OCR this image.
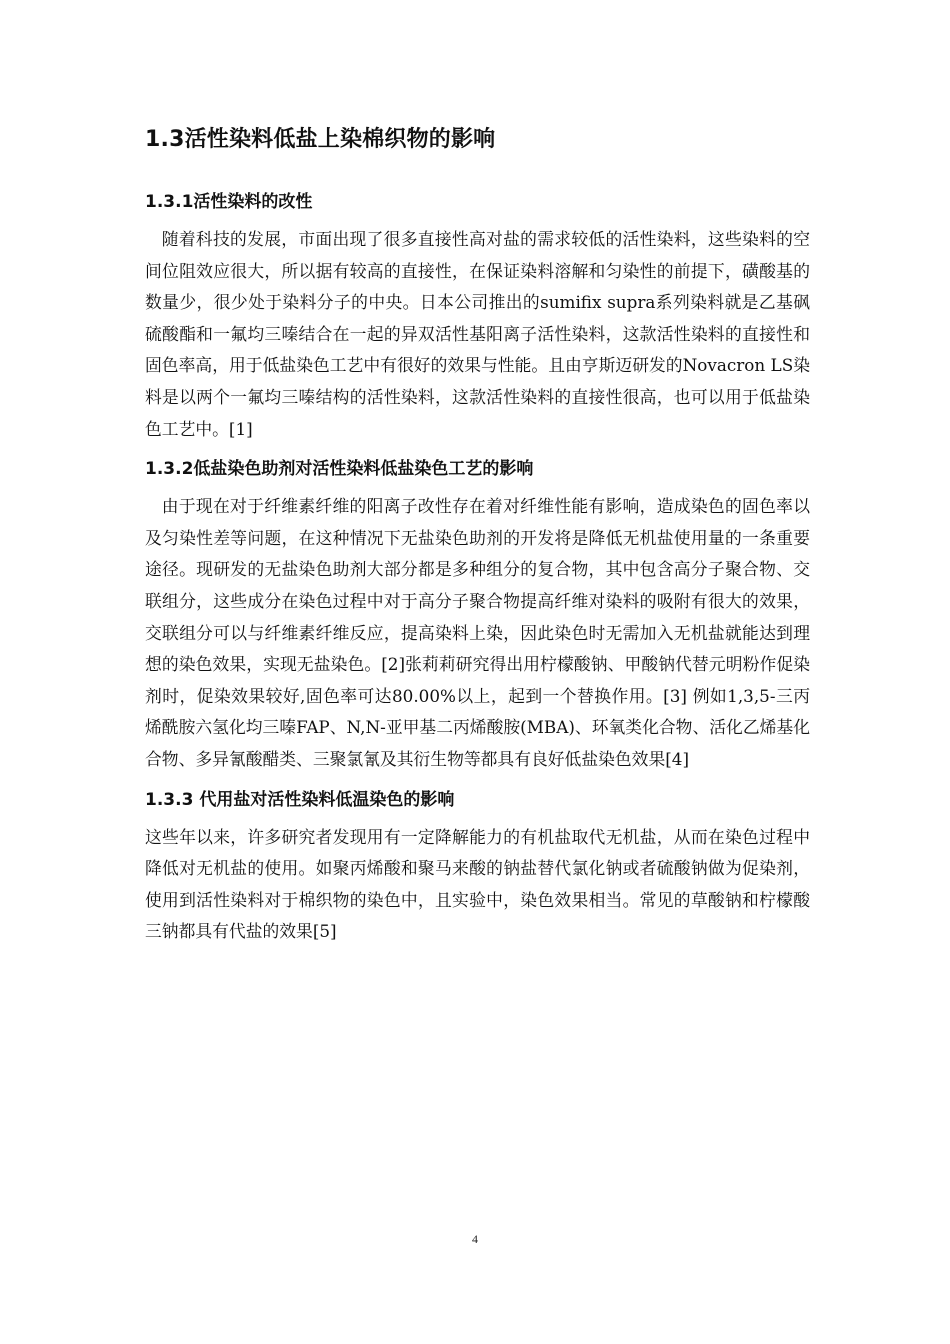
1.3活性染料低盐上染棉织物的影响
1.3.1活性染料的改性

随着科技的发展，市面出现了很多直接性高对盐的需求较低的活性染料，这些染料的空间位阻效应很大，所以据有较高的直接性，在保证染料溶解和匀染性的前提下，磺酸基的数量少，很少处于染料分子的中央。日本公司推出的sumifix supra系列染料就是乙基砜硫酸酯和一氟均三嗪结合在一起的异双活性基阳离子活性染料，这款活性染料的直接性和固色率高，用于低盐染色工艺中有很好的效果与性能。且由亨斯迈研发的Novacron LS染料是以两个一氟均三嗪结构的活性染料，这款活性染料的直接性很高，也可以用于低盐染色工艺中。[1]

1.3.2低盐染色助剂对活性染料低盐染色工艺的影响

由于现在对于纤维素纤维的阳离子改性存在着对纤维性能有影响，造成染色的固色率以及匀染性差等问题，在这种情况下无盐染色助剂的开发将是降低无机盐使用量的一条重要途径。现研发的无盐染色助剂大部分都是多种组分的复合物，其中包含高分子聚合物、交联组分，这些成分在染色过程中对于高分子聚合物提高纤维对染料的吸附有很大的效果，交联组分可以与纤维素纤维反应，提高染料上染，因此染色时无需加入无机盐就能达到理想的染色效果，实现无盐染色。[2]张莉莉研究得出用柠檬酸钠、甲酸钠代替元明粉作促染剂时，促染效果较好,固色率可达80.00%以上，起到一个替换作用。[3] 例如1,3,5-三丙烯酰胺六氢化均三嗪FAP、N,N-亚甲基二丙烯酸胺(MBA)、环氧类化合物、活化乙烯基化合物、多异氰酸醋类、三聚氯氰及其衍生物等都具有良好低盐染色效果[4]

1.3.3 代用盐对活性染料低温染色的影响

这些年以来，许多研究者发现用有一定降解能力的有机盐取代无机盐，从而在染色过程中降低对无机盐的使用。如聚丙烯酸和聚马来酸的钠盐替代氯化钠或者硫酸钠做为促染剂，使用到活性染料对于棉织物的染色中，且实验中，染色效果相当。常见的草酸钠和柠檬酸三钠都具有代盐的效果[5]

4
